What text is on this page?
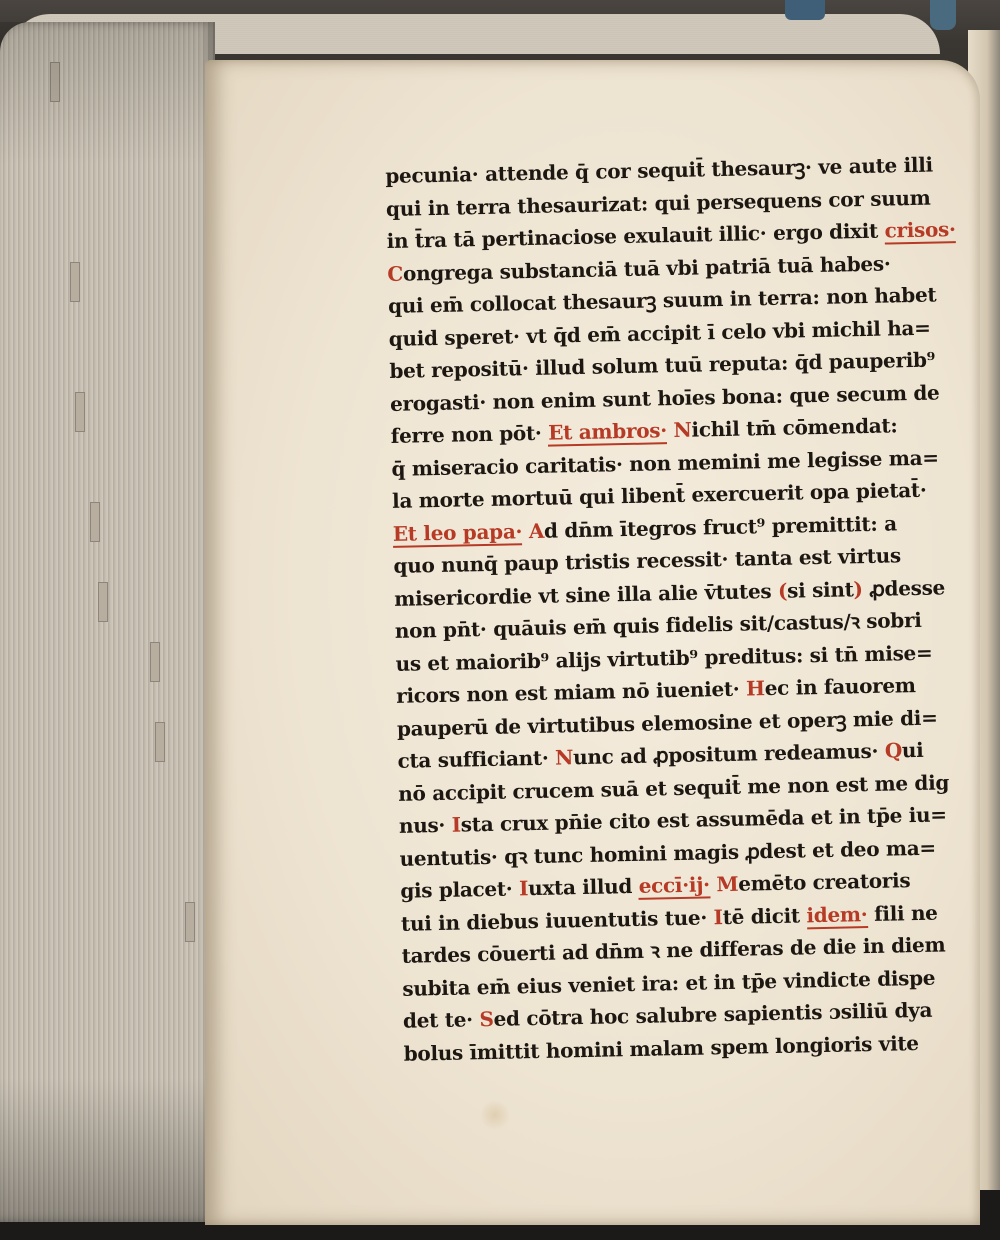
pecunia· attende q̄ cor sequit̄ thesaurꝫ· ve aute illi
qui in terra thesaurizat: qui persequens cor suum
in t̄ra tā pertinaciose exulauit illic· ergo dixit crisos·
Congrega substanciā tuā vbi patriā tuā habes·
qui em̄ collocat thesaurꝫ suum in terra: non habet
quid speret· vt q̄d em̄ accipit ī celo vbi michil ha=
bet repositū· illud solum tuū reputa: q̄d pauperib⁹
erogasti· non enim sunt hoīes bona: que secum de
ferre non pōt· Et ambros· Nichil tm̄ cōmendat:
q̄ miseracio caritatis· non memini me legisse ma=
la morte mortuū qui libent̄ exercuerit opa pietat̄·
Et leo papa· Ad dn̄m ītegros fruct⁹ premittit: a
quo nunq̄ paup tristis recessit· tanta est virtus
misericordie vt sine illa alie v̄tutes (si sint) ꝓdesse
non pn̄t· quāuis em̄ quis fidelis sit/castus/ꝛ sobri
us et maiorib⁹ alijs virtutib⁹ preditus: si tn̄ mise=
ricors non est miam nō iueniet· Hec in fauorem
pauperū de virtutibus elemosine et operꝫ mie di=
cta sufficiant· Nunc ad ꝓpositum redeamus· Qui
nō accipit crucem suā et sequit̄ me non est me dig
nus· Ista crux pn̄ie cito est assumēda et in tp̄e iu=
uentutis· qꝛ tunc homini magis ꝓdest et deo ma=
gis placet· Iuxta illud eccī·ij· Memēto creatoris
tui in diebus iuuentutis tue· Itē dicit idem· fili ne
tardes cōuerti ad dn̄m ꝛ ne differas de die in diem
subita em̄ eius veniet ira: et in tp̄e vindicte dispe
det te· Sed cōtra hoc salubre sapientis ɔsiliū dya
bolus īmittit homini malam spem longioris vite
